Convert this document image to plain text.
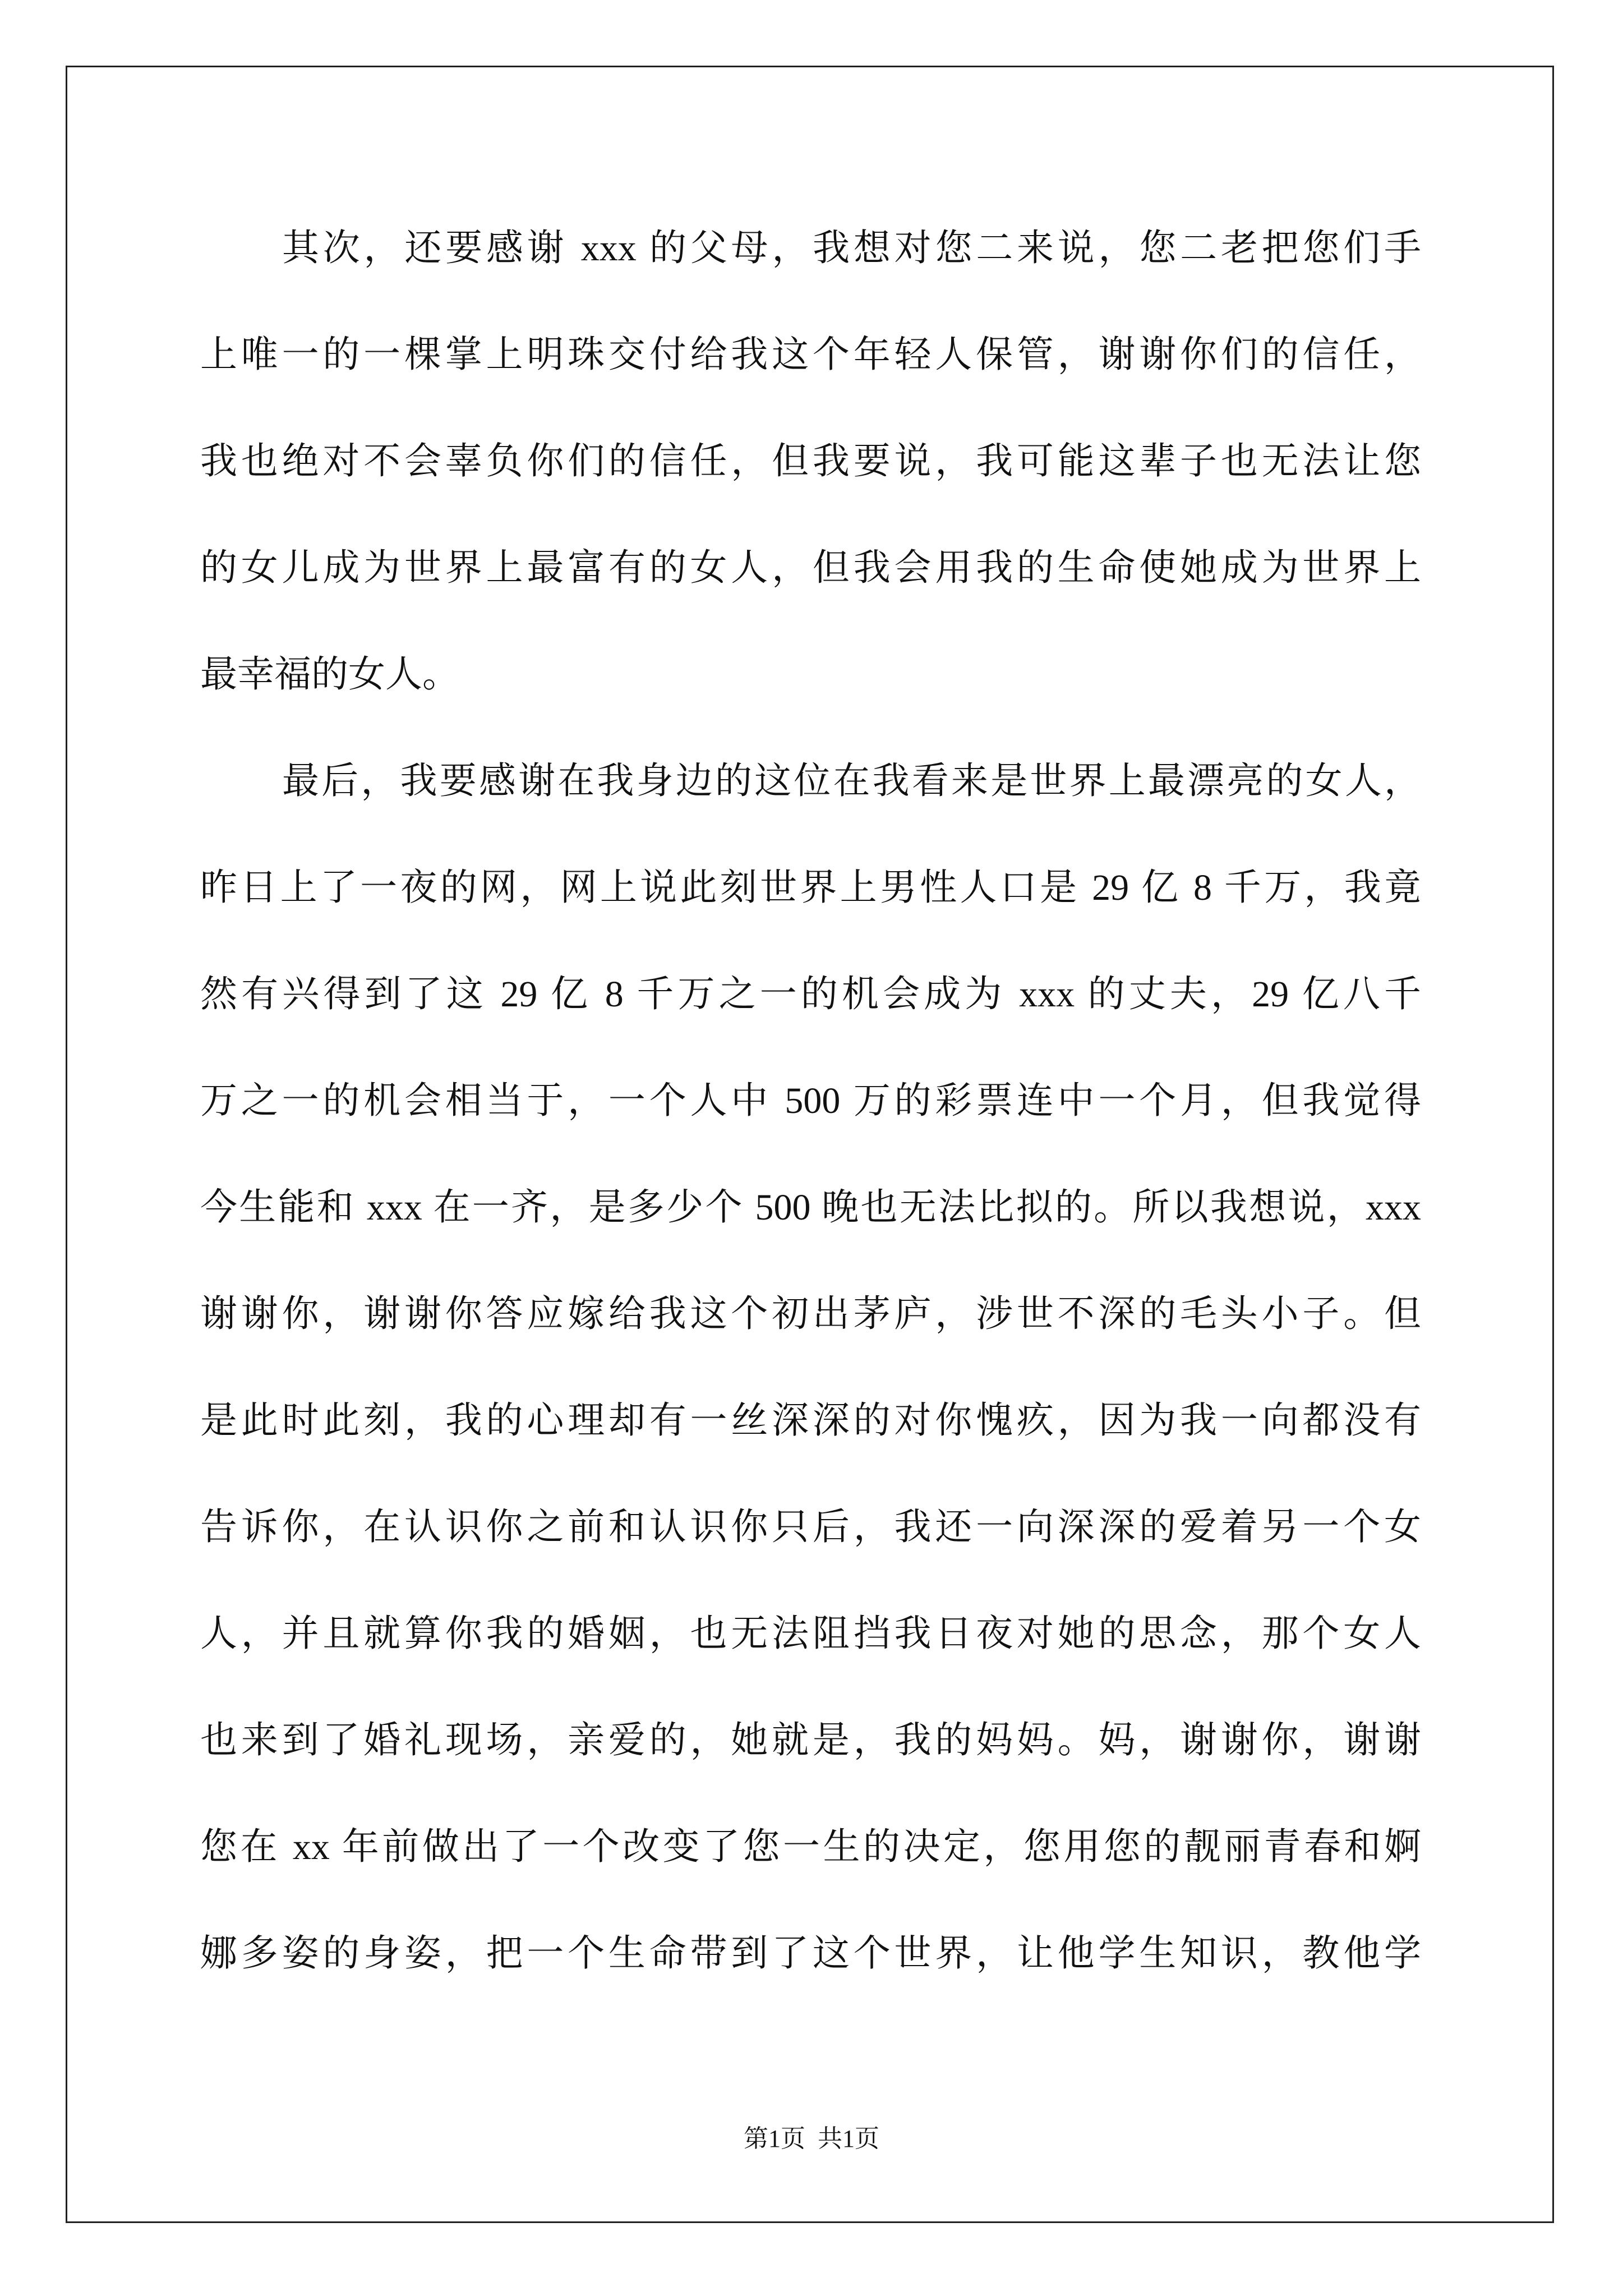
其次，还要感谢 xxx 的父母，我想对您二来说，您二老把您们手
上唯一的一棵掌上明珠交付给我这个年轻人保管，谢谢你们的信任，
我也绝对不会辜负你们的信任，但我要说，我可能这辈子也无法让您
的女儿成为世界上最富有的女人，但我会用我的生命使她成为世界上
最幸福的女人。
最后，我要感谢在我身边的这位在我看来是世界上最漂亮的女人，
昨日上了一夜的网，网上说此刻世界上男性人口是 29 亿 8 千万，我竟
然有兴得到了这 29 亿 8 千万之一的机会成为 xxx 的丈夫，29 亿八千
万之一的机会相当于，一个人中 500 万的彩票连中一个月，但我觉得
今生能和 xxx 在一齐，是多少个 500 晚也无法比拟的。所以我想说，xxx
谢谢你，谢谢你答应嫁给我这个初出茅庐，涉世不深的毛头小子。但
是此时此刻，我的心理却有一丝深深的对你愧疚，因为我一向都没有
告诉你，在认识你之前和认识你只后，我还一向深深的爱着另一个女
人，并且就算你我的婚姻，也无法阻挡我日夜对她的思念，那个女人
也来到了婚礼现场，亲爱的，她就是，我的妈妈。妈，谢谢你，谢谢
您在 xx 年前做出了一个改变了您一生的决定，您用您的靓丽青春和婀
娜多姿的身姿，把一个生命带到了这个世界，让他学生知识，教他学
第1页  共1页
